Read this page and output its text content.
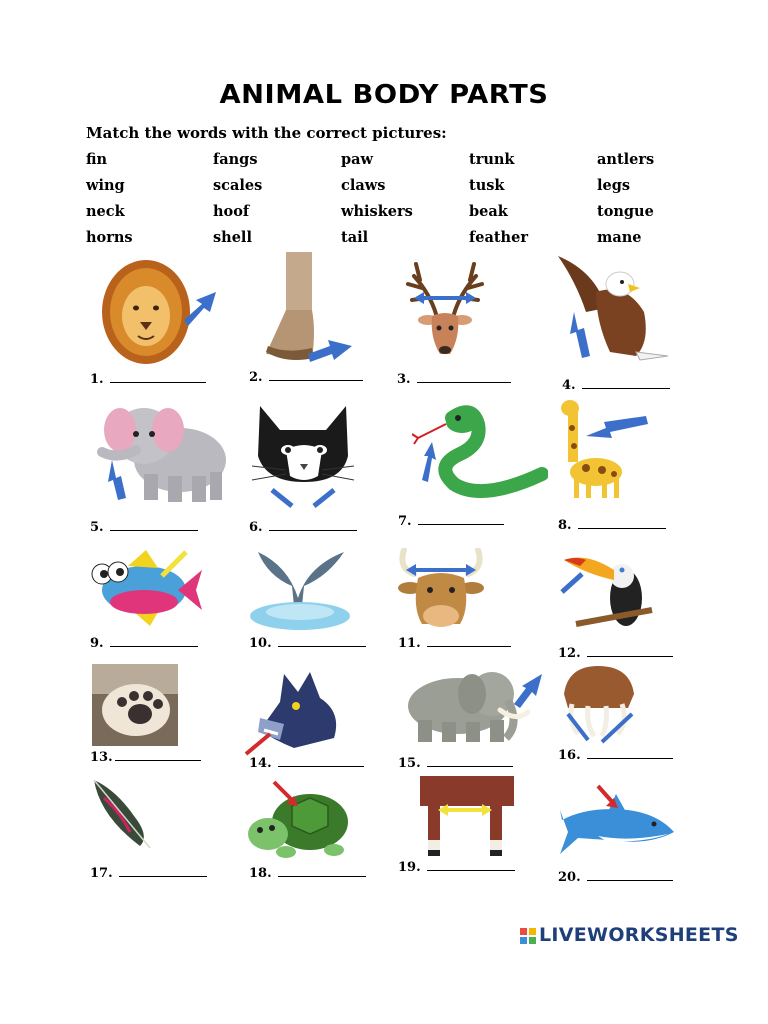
ANIMAL BODY PARTS
Match the words with the correct pictures:
fin	fangs	paw	trunk	antlers
wing	scales	claws	tusk	legs
neck	hoof	whiskers	beak	tongue
horns	shell	tail	feather	mane
1.	2.	3.	4.
5.	6.	7.	8.
9.	10.	11.
12.
13.	14.	15.
16.
17.	18.	19.
20.
LIVEWORKSHEETS
